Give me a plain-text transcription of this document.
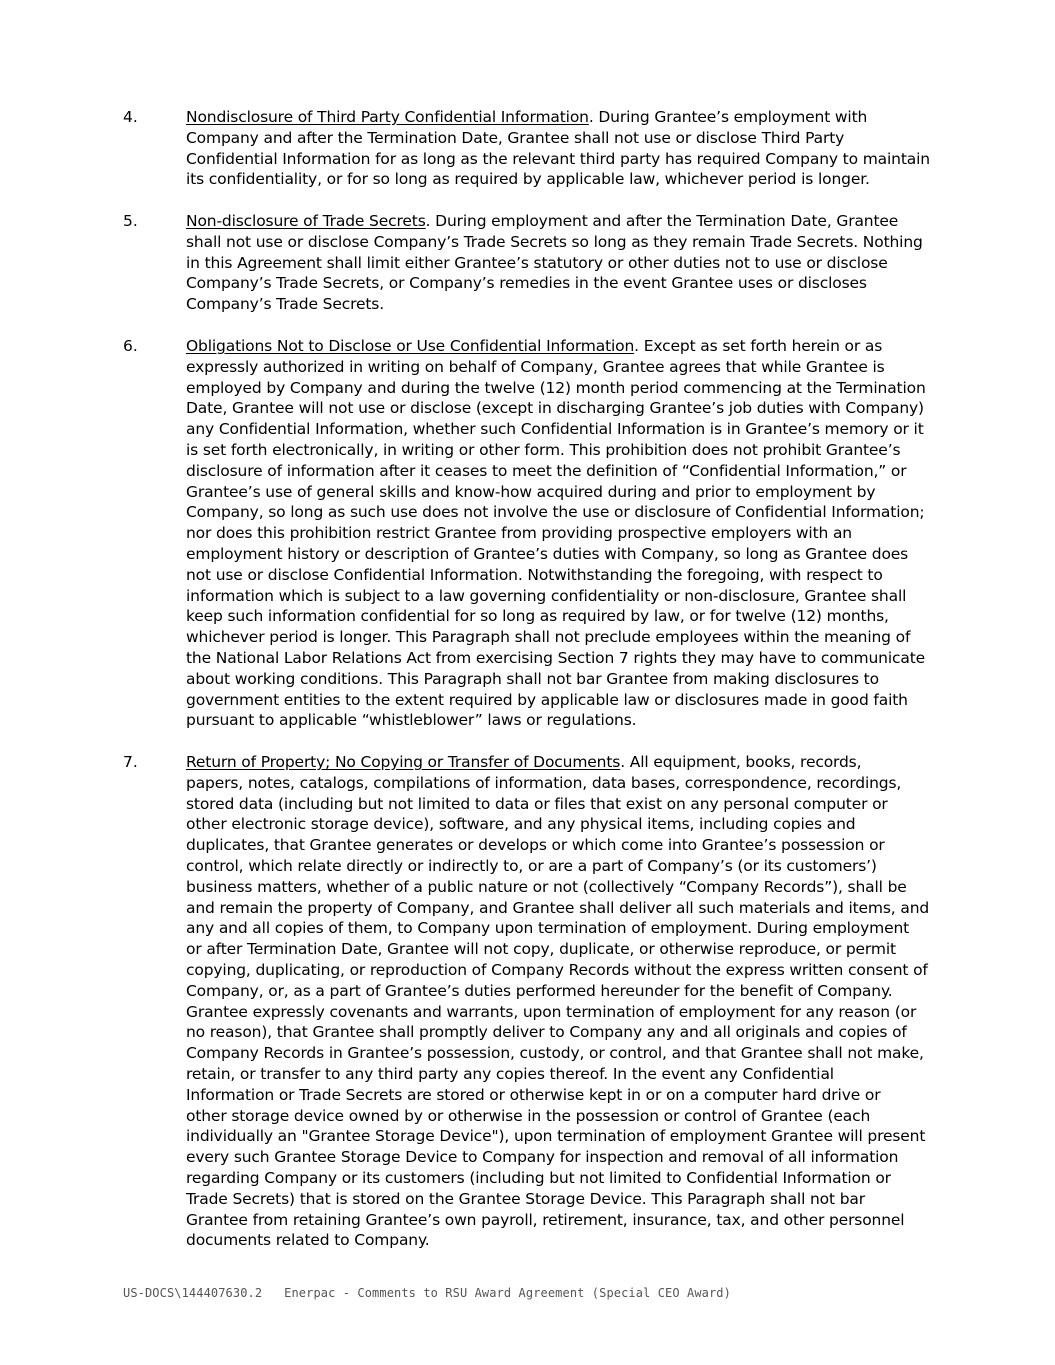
4.	Nondisclosure of Third Party Confidential Information. During Grantee’s employment with
Company and after the Termination Date, Grantee shall not use or disclose Third Party
Confidential Information for as long as the relevant third party has required Company to maintain
its confidentiality, or for so long as required by applicable law, whichever period is longer.
5.	Non-disclosure of Trade Secrets. During employment and after the Termination Date, Grantee
shall not use or disclose Company’s Trade Secrets so long as they remain Trade Secrets. Nothing
in this Agreement shall limit either Grantee’s statutory or other duties not to use or disclose
Company’s Trade Secrets, or Company’s remedies in the event Grantee uses or discloses
Company’s Trade Secrets.
6.	Obligations Not to Disclose or Use Confidential Information. Except as set forth herein or as
expressly authorized in writing on behalf of Company, Grantee agrees that while Grantee is
employed by Company and during the twelve (12) month period commencing at the Termination
Date, Grantee will not use or disclose (except in discharging Grantee’s job duties with Company)
any Confidential Information, whether such Confidential Information is in Grantee’s memory or it
is set forth electronically, in writing or other form. This prohibition does not prohibit Grantee’s
disclosure of information after it ceases to meet the definition of “Confidential Information,” or
Grantee’s use of general skills and know-how acquired during and prior to employment by
Company, so long as such use does not involve the use or disclosure of Confidential Information;
nor does this prohibition restrict Grantee from providing prospective employers with an
employment history or description of Grantee’s duties with Company, so long as Grantee does
not use or disclose Confidential Information. Notwithstanding the foregoing, with respect to
information which is subject to a law governing confidentiality or non-disclosure, Grantee shall
keep such information confidential for so long as required by law, or for twelve (12) months,
whichever period is longer. This Paragraph shall not preclude employees within the meaning of
the National Labor Relations Act from exercising Section 7 rights they may have to communicate
about working conditions. This Paragraph shall not bar Grantee from making disclosures to
government entities to the extent required by applicable law or disclosures made in good faith
pursuant to applicable “whistleblower” laws or regulations.
7.	Return of Property; No Copying or Transfer of Documents. All equipment, books, records,
papers, notes, catalogs, compilations of information, data bases, correspondence, recordings,
stored data (including but not limited to data or files that exist on any personal computer or
other electronic storage device), software, and any physical items, including copies and
duplicates, that Grantee generates or develops or which come into Grantee’s possession or
control, which relate directly or indirectly to, or are a part of Company’s (or its customers’)
business matters, whether of a public nature or not (collectively “Company Records”), shall be
and remain the property of Company, and Grantee shall deliver all such materials and items, and
any and all copies of them, to Company upon termination of employment. During employment
or after Termination Date, Grantee will not copy, duplicate, or otherwise reproduce, or permit
copying, duplicating, or reproduction of Company Records without the express written consent of
Company, or, as a part of Grantee’s duties performed hereunder for the benefit of Company.
Grantee expressly covenants and warrants, upon termination of employment for any reason (or
no reason), that Grantee shall promptly deliver to Company any and all originals and copies of
Company Records in Grantee’s possession, custody, or control, and that Grantee shall not make,
retain, or transfer to any third party any copies thereof. In the event any Confidential
Information or Trade Secrets are stored or otherwise kept in or on a computer hard drive or
other storage device owned by or otherwise in the possession or control of Grantee (each
individually an "Grantee Storage Device"), upon termination of employment Grantee will present
every such Grantee Storage Device to Company for inspection and removal of all information
regarding Company or its customers (including but not limited to Confidential Information or
Trade Secrets) that is stored on the Grantee Storage Device. This Paragraph shall not bar
Grantee from retaining Grantee’s own payroll, retirement, insurance, tax, and other personnel
documents related to Company.
US-DOCS\144407630.2 Enerpac - Comments to RSU Award Agreement (Special CEO Award)
